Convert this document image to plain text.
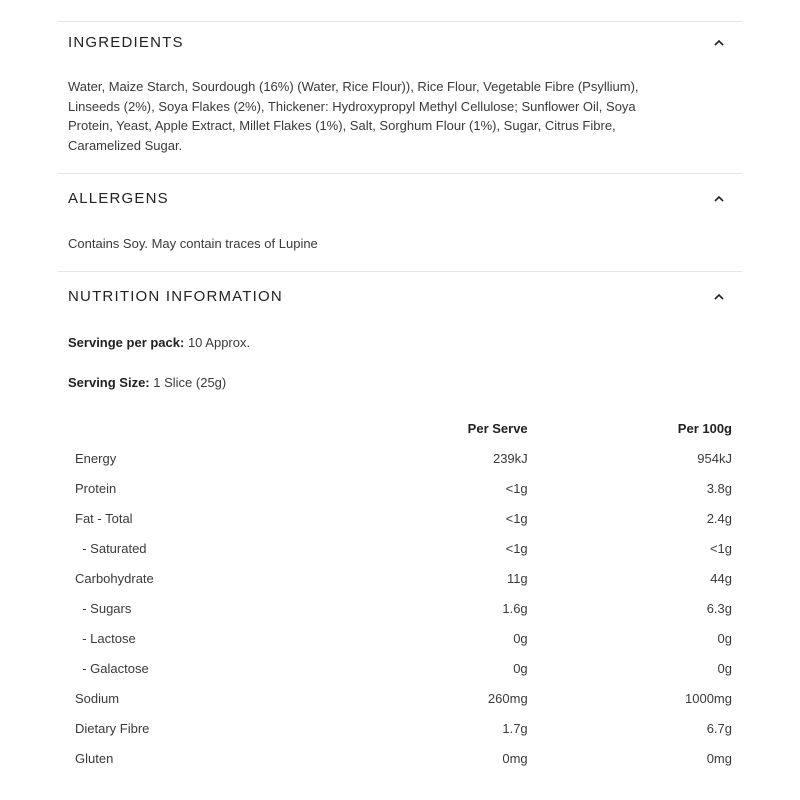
INGREDIENTS
Water, Maize Starch, Sourdough (16%) (Water, Rice Flour)), Rice Flour, Vegetable Fibre (Psyllium),
Linseeds (2%), Soya Flakes (2%), Thickener: Hydroxypropyl Methyl Cellulose; Sunflower Oil, Soya
Protein, Yeast, Apple Extract, Millet Flakes (1%), Salt, Sorghum Flour (1%), Sugar, Citrus Fibre,
Caramelized Sugar.
ALLERGENS
Contains Soy. May contain traces of Lupine
NUTRITION INFORMATION
Servinge per pack: 10 Approx.
Serving Size: 1 Slice (25g)
	Per Serve	Per 100g
Energy	239kJ	954kJ
Protein	<1g	3.8g
Fat - Total	<1g	2.4g
- Saturated	<1g	<1g
Carbohydrate	11g	44g
- Sugars	1.6g	6.3g
- Lactose	0g	0g
- Galactose	0g	0g
Sodium	260mg	1000mg
Dietary Fibre	1.7g	6.7g
Gluten	0mg	0mg
